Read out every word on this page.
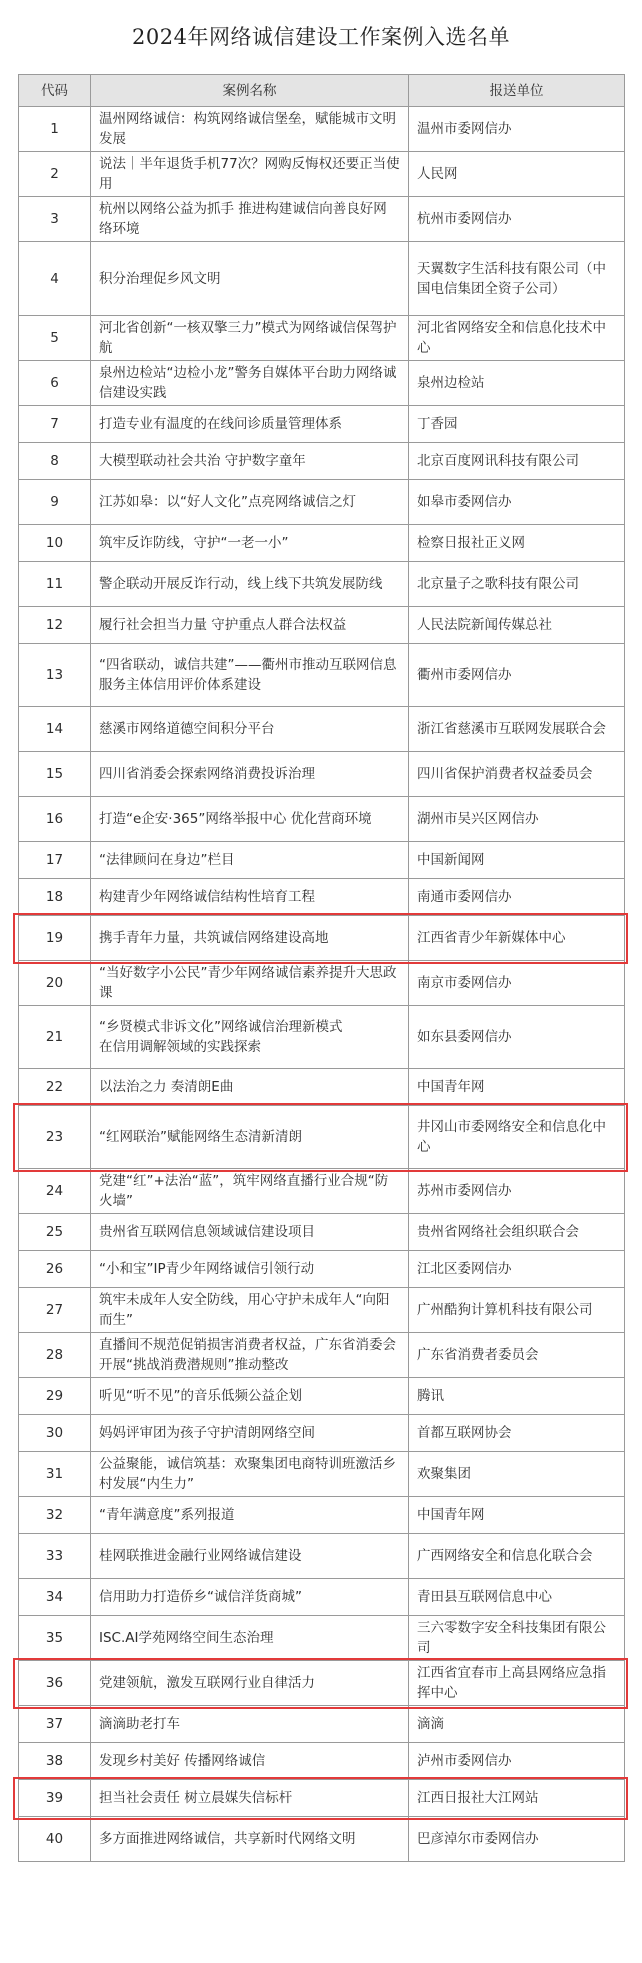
2024年网络诚信建设工作案例入选名单
代码	案例名称	报送单位
1	温州网络诚信：构筑网络诚信堡垒，赋能城市文明发展	温州市委网信办
2	说法｜半年退货手机77次？网购反悔权还要正当使用	人民网
3	杭州以网络公益为抓手 推进构建诚信向善良好网络环境	杭州市委网信办
4	积分治理促乡风文明	天翼数字生活科技有限公司（中国电信集团全资子公司）
5	河北省创新“一核双擎三力”模式为网络诚信保驾护航	河北省网络安全和信息化技术中心
6	泉州边检站“边检小龙”警务自媒体平台助力网络诚信建设实践	泉州边检站
7	打造专业有温度的在线问诊质量管理体系	丁香园
8	大模型联动社会共治 守护数字童年	北京百度网讯科技有限公司
9	江苏如皋：以“好人文化”点亮网络诚信之灯	如皋市委网信办
10	筑牢反诈防线，守护“一老一小”	检察日报社正义网
11	警企联动开展反诈行动，线上线下共筑发展防线	北京量子之歌科技有限公司
12	履行社会担当力量 守护重点人群合法权益	人民法院新闻传媒总社
13	“四省联动，诚信共建”——衢州市推动互联网信息服务主体信用评价体系建设	衢州市委网信办
14	慈溪市网络道德空间积分平台	浙江省慈溪市互联网发展联合会
15	四川省消委会探索网络消费投诉治理	四川省保护消费者权益委员会
16	打造“e企安·365”网络举报中心 优化营商环境	湖州市吴兴区网信办
17	“法律顾问在身边”栏目	中国新闻网
18	构建青少年网络诚信结构性培育工程	南通市委网信办
19	携手青年力量，共筑诚信网络建设高地	江西省青少年新媒体中心
20	“当好数字小公民”青少年网络诚信素养提升大思政课	南京市委网信办
21	“乡贤模式非诉文化”网络诚信治理新模式
在信用调解领域的实践探索	如东县委网信办
22	以法治之力 奏清朗E曲	中国青年网
23	“红网联治”赋能网络生态清新清朗	井冈山市委网络安全和信息化中心
24	党建“红”+法治“蓝”，筑牢网络直播行业合规“防火墙”	苏州市委网信办
25	贵州省互联网信息领域诚信建设项目	贵州省网络社会组织联合会
26	“小和宝”IP青少年网络诚信引领行动	江北区委网信办
27	筑牢未成年人安全防线，用心守护未成年人“向阳而生”	广州酷狗计算机科技有限公司
28	直播间不规范促销损害消费者权益，广东省消委会开展“挑战消费潜规则”推动整改	广东省消费者委员会
29	听见“听不见”的音乐低频公益企划	腾讯
30	妈妈评审团为孩子守护清朗网络空间	首都互联网协会
31	公益聚能，诚信筑基：欢聚集团电商特训班激活乡村发展“内生力”	欢聚集团
32	“青年满意度”系列报道	中国青年网
33	桂网联推进金融行业网络诚信建设	广西网络安全和信息化联合会
34	信用助力打造侨乡“诚信洋货商城”	青田县互联网信息中心
35	ISC.AI学苑网络空间生态治理	三六零数字安全科技集团有限公司
36	党建领航，激发互联网行业自律活力	江西省宜春市上高县网络应急指挥中心
37	滴滴助老打车	滴滴
38	发现乡村美好 传播网络诚信	泸州市委网信办
39	担当社会责任 树立晨媒失信标杆	江西日报社大江网站
40	多方面推进网络诚信，共享新时代网络文明	巴彦淖尔市委网信办
